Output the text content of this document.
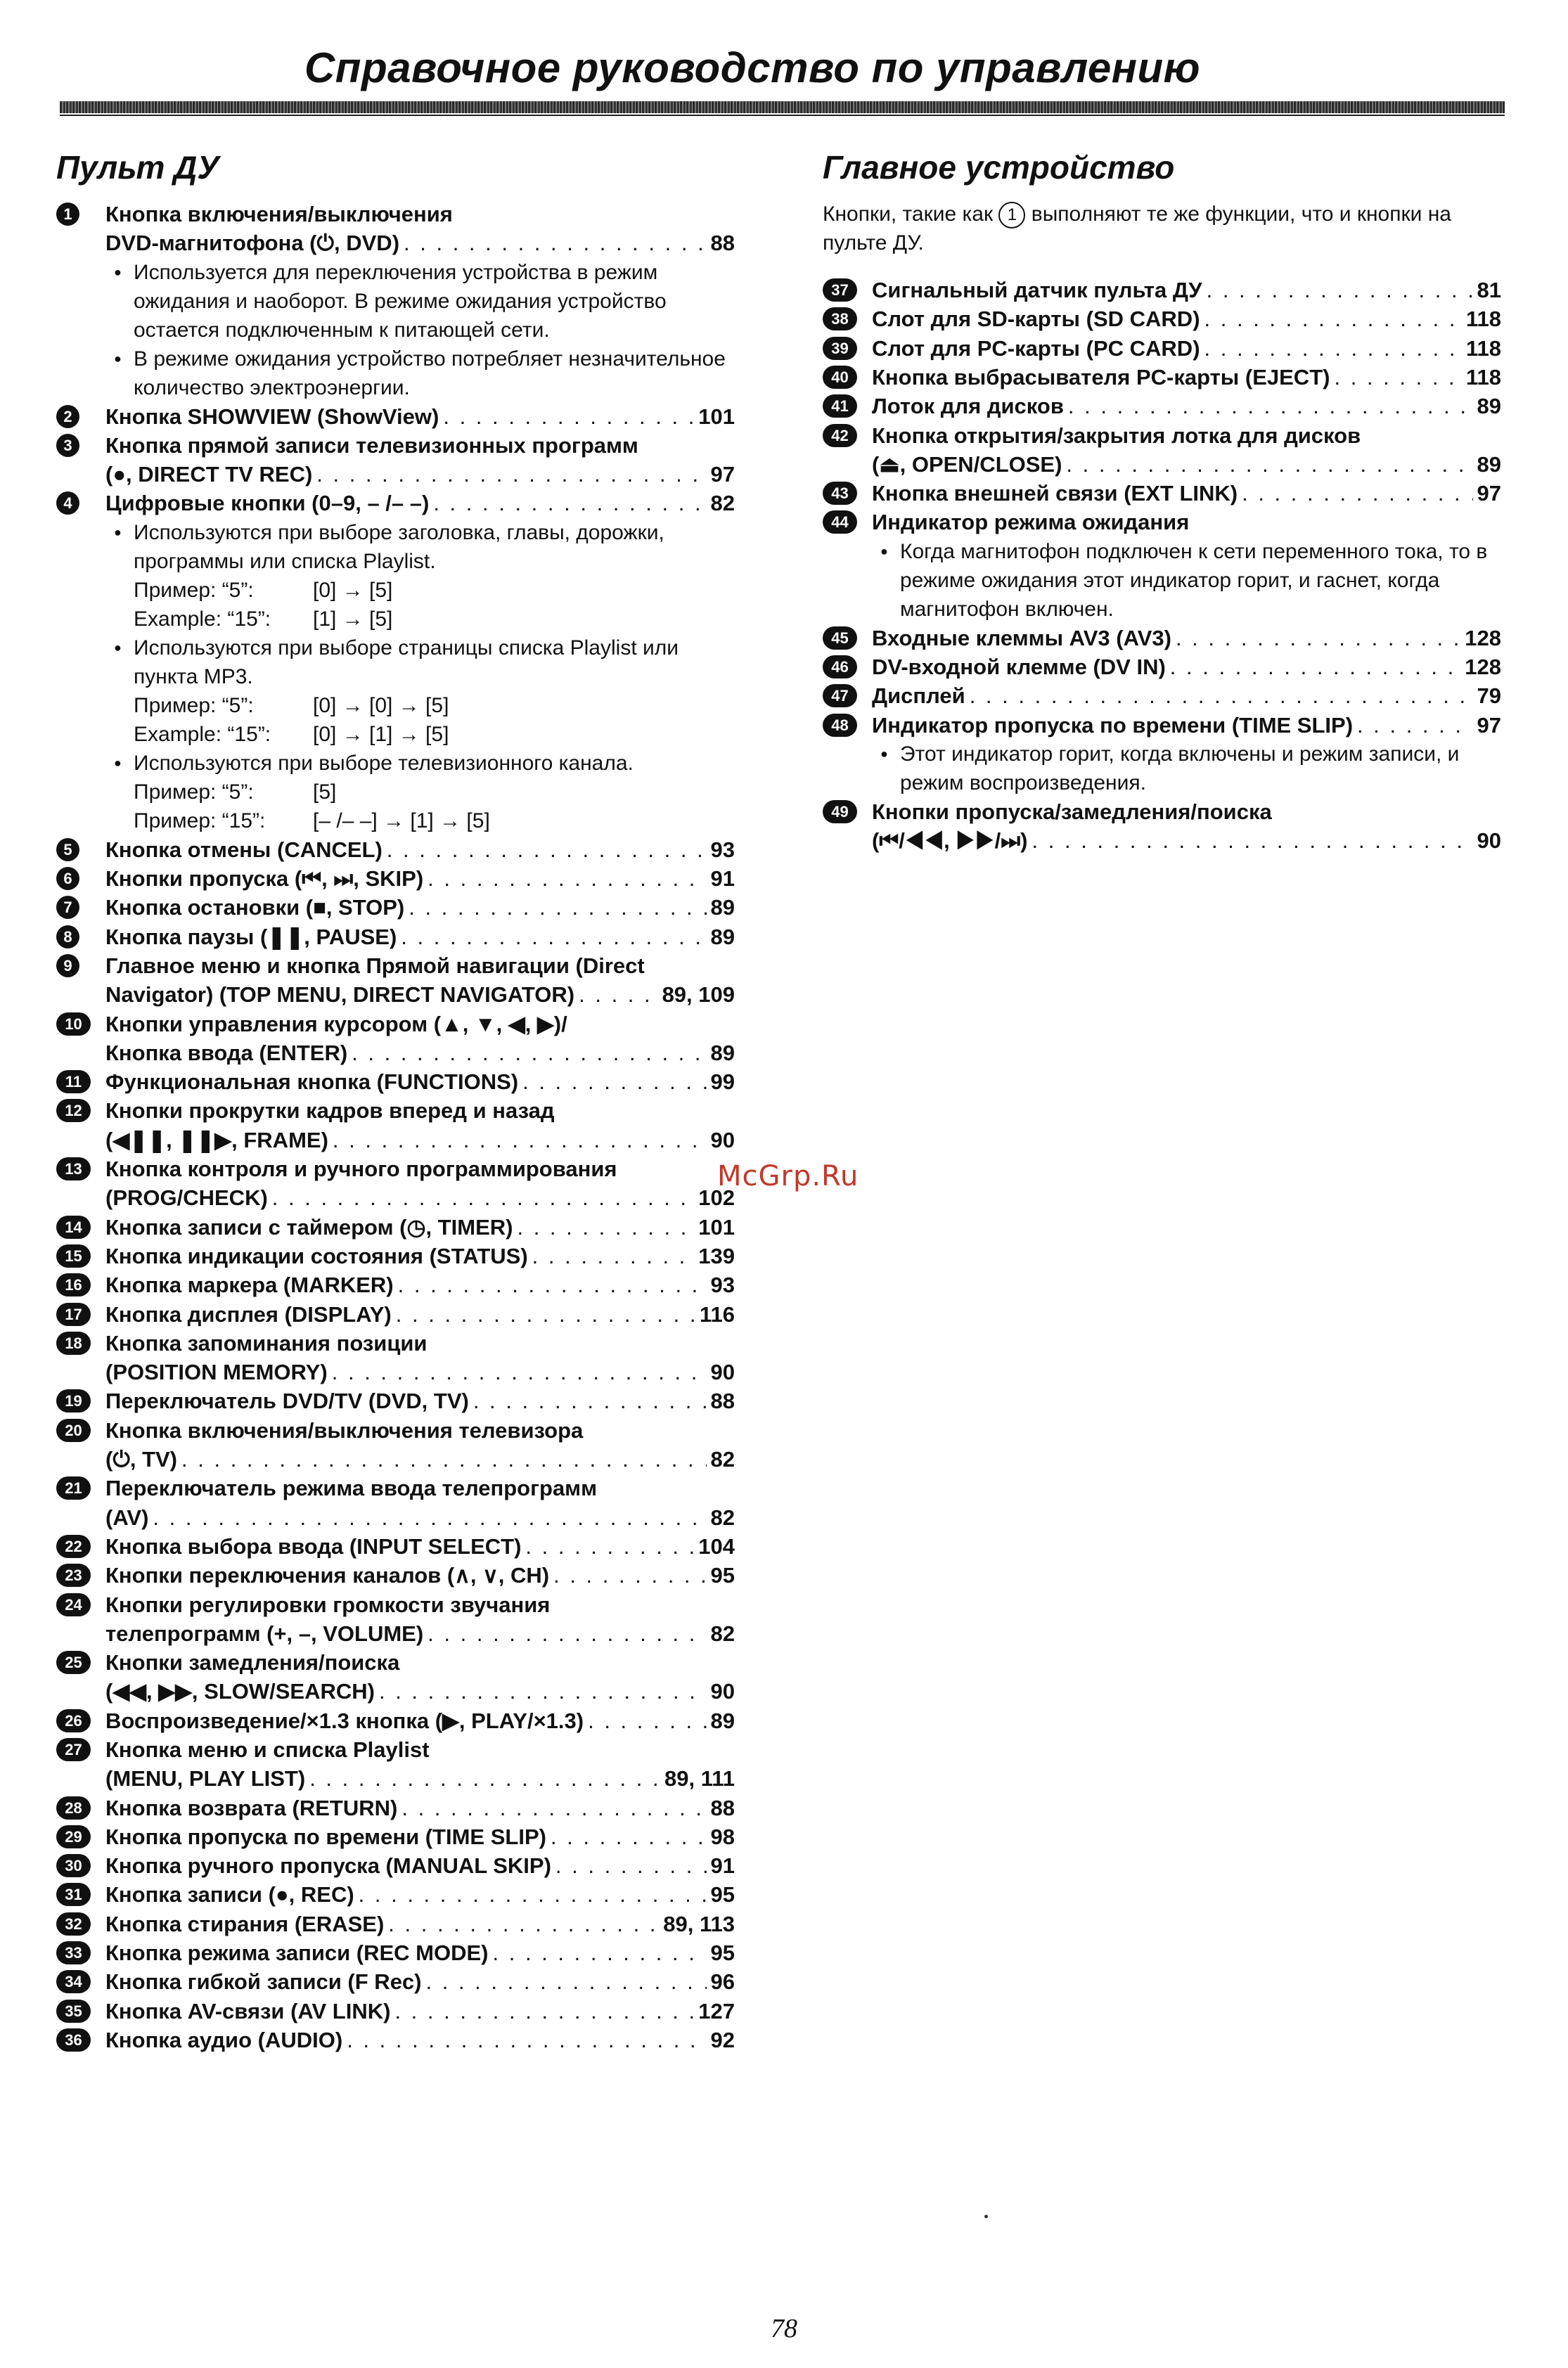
Справочное руководство по управлению
Пульт ДУ
1	Кнопка включения/выключения
DVD-магнитофона (⏻, DVD) . . .	88
● Используется для переключения устройства в режим ожидания и наоборот. В режиме ожидания устройство остается подключенным к питающей сети.
● В режиме ожидания устройство потребляет незначительное количество электроэнергии.
2	Кнопка SHOWVIEW (ShowView) . . .	101
3	Кнопка прямой записи телевизионных программ
(●, DIRECT TV REC) . . .	97
4	Цифровые кнопки (0–9, – /– –) . . .	82
● Используются при выборе заголовка, главы, дорожки, программы или списка Playlist.
Пример: “5”:	[0] → [5]
Example: “15”: [1] → [5]
● Используются при выборе страницы списка Playlist или пункта MP3.
Пример: “5”:	[0] → [0] → [5]
Example: “15”: [0] → [1] → [5]
● Используются при выборе телевизионного канала.
Пример: “5”:	[5]
Пример: “15”: [– /– –] → [1] → [5]
5	Кнопка отмены (CANCEL) . . .	93
6	Кнопки пропуска (⏮, ⏭, SKIP) . . .	91
7	Кнопка остановки (■, STOP) . . .	89
8	Кнопка паузы (❚❚, PAUSE) . . .	89
9	Главное меню и кнопка Прямой навигации (Direct
Navigator) (TOP MENU, DIRECT NAVIGATOR) . . .	89, 109
10	Кнопки управления курсором (▲, ▼, ◀, ▶)/
Кнопка ввода (ENTER) . . .	89
11	Функциональная кнопка (FUNCTIONS) . . .	99
12	Кнопки прокрутки кадров вперед и назад
(◀❚❚, ❚❚▶, FRAME) . . .	90
13	Кнопка контроля и ручного программирования
(PROG/CHECK) . . .	102
14	Кнопка записи с таймером (◷, TIMER) . . .	101
15	Кнопка индикации состояния (STATUS) . . .	139
16	Кнопка маркера (MARKER) . . .	93
17	Кнопка дисплея (DISPLAY) . . .	116
18	Кнопка запоминания позиции
(POSITION MEMORY) . . .	90
19	Переключатель DVD/TV (DVD, TV) . . .	88
20	Кнопка включения/выключения телевизора
(⏻, TV) . . .	82
21	Переключатель режима ввода телепрограмм
(AV) . . .	82
22	Кнопка выбора ввода (INPUT SELECT) . . .	104
23	Кнопки переключения каналов (∧, ∨, CH) . . .	95
24	Кнопки регулировки громкости звучания
телепрограмм (+, –, VOLUME) . . .	82
25	Кнопки замедления/поиска
(◀◀, ▶▶, SLOW/SEARCH) . . .	90
26	Воспроизведение/×1.3 кнопка (▶, PLAY/×1.3) . . .	89
27	Кнопка меню и списка Playlist
(MENU, PLAY LIST) . . .	89, 111
28	Кнопка возврата (RETURN) . . .	88
29	Кнопка пропуска по времени (TIME SLIP) . . .	98
30	Кнопка ручного пропуска (MANUAL SKIP) . . .	91
31	Кнопка записи (●, REC) . . .	95
32	Кнопка стирания (ERASE) . . .	89, 113
33	Кнопка режима записи (REC MODE) . . .	95
34	Кнопка гибкой записи (F Rec) . . .	96
35	Кнопка AV-связи (AV LINK) . . .	127
36	Кнопка аудио (AUDIO) . . .	92
Главное устройство

Кнопки, такие как 1 выполняют те же функции, что и кнопки на пульте ДУ.

37	Сигнальный датчик пульта ДУ . . .	81
38	Слот для SD-карты (SD CARD) . . .	118
39	Слот для PC-карты (PC CARD) . . .	118
40	Кнопка выбрасывателя PC-карты (EJECT) . . .	118
41	Лоток для дисков . . .	89
42	Кнопка открытия/закрытия лотка для дисков
(⏏, OPEN/CLOSE) . . .	89
43	Кнопка внешней связи (EXT LINK) . . .	97
44	Индикатор режима ожидания
● Когда магнитофон подключен к сети переменного тока, то в режиме ожидания этот индикатор горит, и гаснет, когда магнитофон включен.
45	Входные клеммы AV3 (AV3) . . .	128
46	DV-входной клемме (DV IN) . . .	128
47	Дисплей . . .	79
48	Индикатор пропуска по времени (TIME SLIP) . . .	97
● Этот индикатор горит, когда включены и режим записи, и режим воспроизведения.
49	Кнопки пропуска/замедления/поиска
(⏮/◀◀, ▶▶/⏭) . . .	90
McGrp.Ru
78
